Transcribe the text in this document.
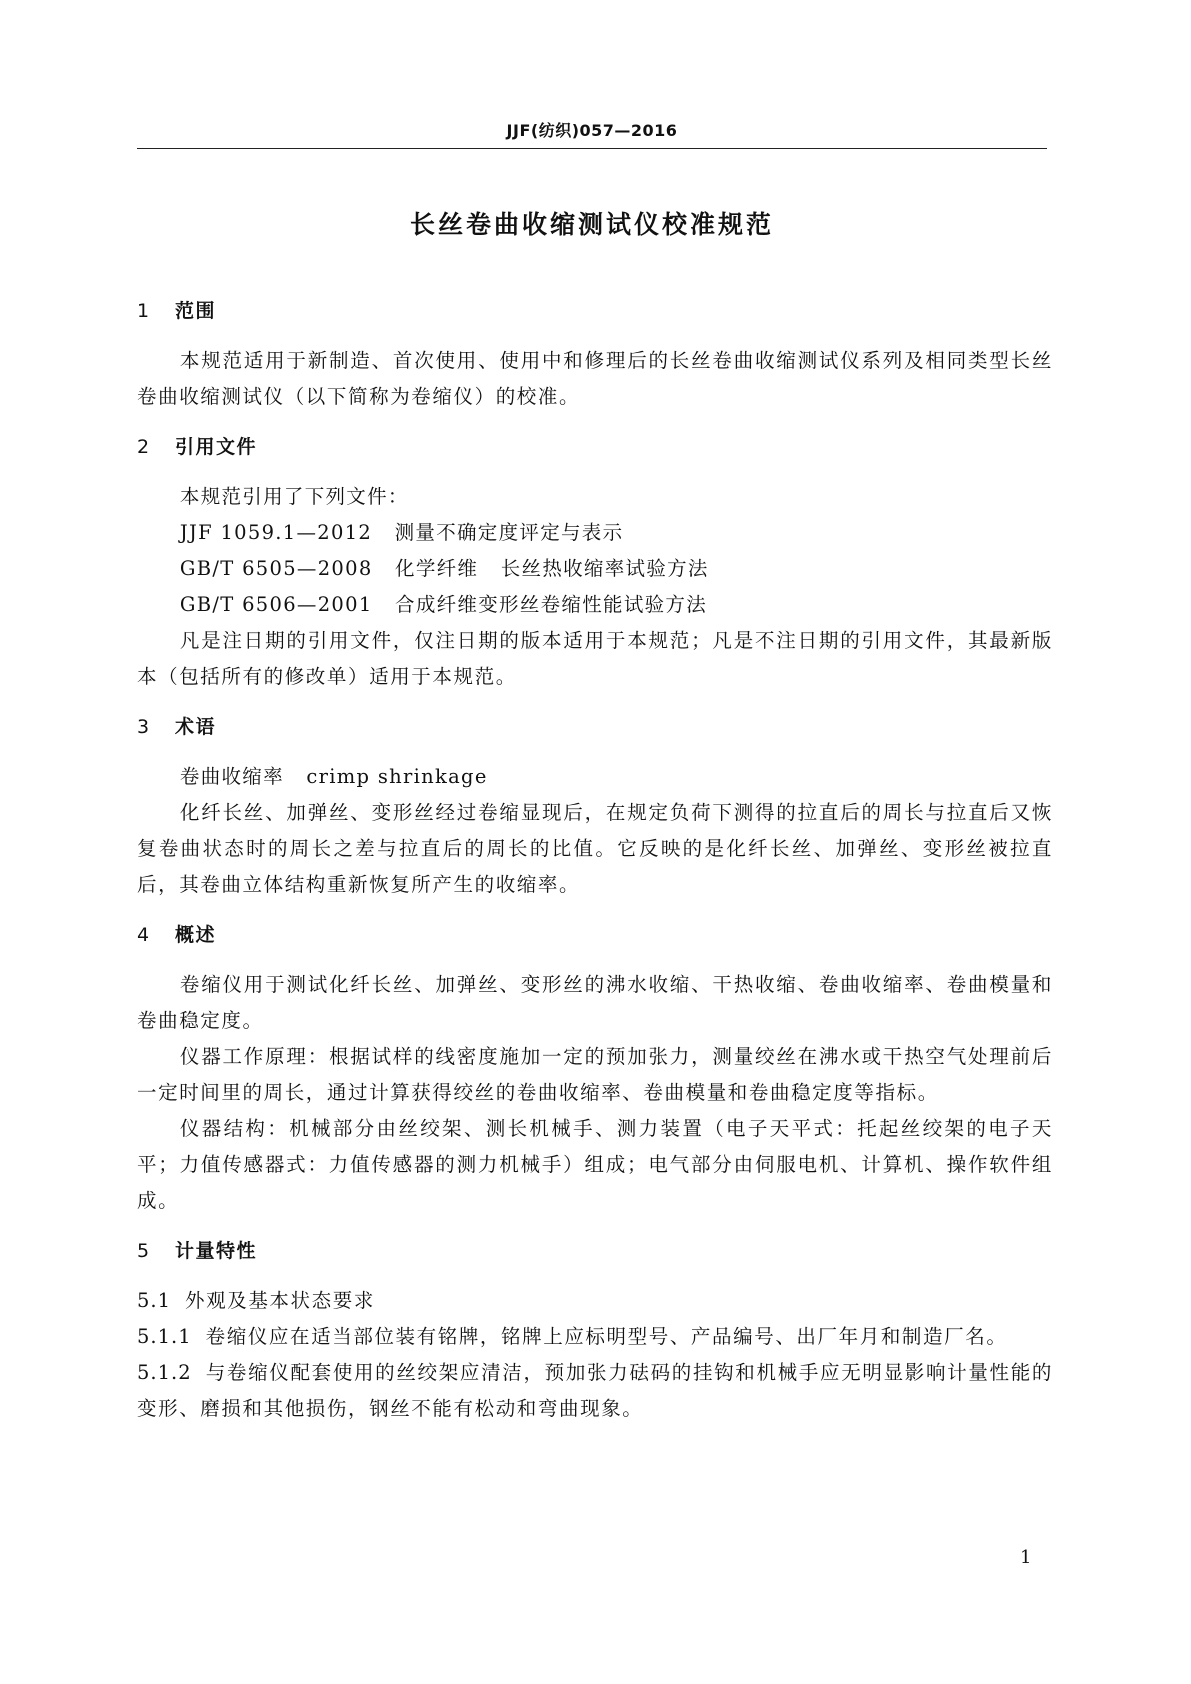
JJF(纺织)057—2016
长丝卷曲收缩测试仪校准规范
1 范围

本规范适用于新制造、首次使用、使用中和修理后的长丝卷曲收缩测试仪系列及相同类型长丝卷曲收缩测试仪（以下简称为卷缩仪）的校准。

2 引用文件

本规范引用了下列文件：

JJF 1059.1—2012   测量不确定度评定与表示

GB/T 6505—2008   化学纤维   长丝热收缩率试验方法

GB/T 6506—2001   合成纤维变形丝卷缩性能试验方法

凡是注日期的引用文件，仅注日期的版本适用于本规范；凡是不注日期的引用文件，其最新版本（包括所有的修改单）适用于本规范。

3 术语

卷曲收缩率   crimp shrinkage

化纤长丝、加弹丝、变形丝经过卷缩显现后，在规定负荷下测得的拉直后的周长与拉直后又恢复卷曲状态时的周长之差与拉直后的周长的比值。它反映的是化纤长丝、加弹丝、变形丝被拉直后，其卷曲立体结构重新恢复所产生的收缩率。

4 概述

卷缩仪用于测试化纤长丝、加弹丝、变形丝的沸水收缩、干热收缩、卷曲收缩率、卷曲模量和卷曲稳定度。

仪器工作原理：根据试样的线密度施加一定的预加张力，测量绞丝在沸水或干热空气处理前后一定时间里的周长，通过计算获得绞丝的卷曲收缩率、卷曲模量和卷曲稳定度等指标。

仪器结构：机械部分由丝绞架、测长机械手、测力装置（电子天平式：托起丝绞架的电子天平；力值传感器式：力值传感器的测力机械手）组成；电气部分由伺服电机、计算机、操作软件组成。

5 计量特性

5.1 外观及基本状态要求

5.1.1 卷缩仪应在适当部位装有铭牌，铭牌上应标明型号、产品编号、出厂年月和制造厂名。

5.1.2 与卷缩仪配套使用的丝绞架应清洁，预加张力砝码的挂钩和机械手应无明显影响计量性能的变形、磨损和其他损伤，钢丝不能有松动和弯曲现象。

1
